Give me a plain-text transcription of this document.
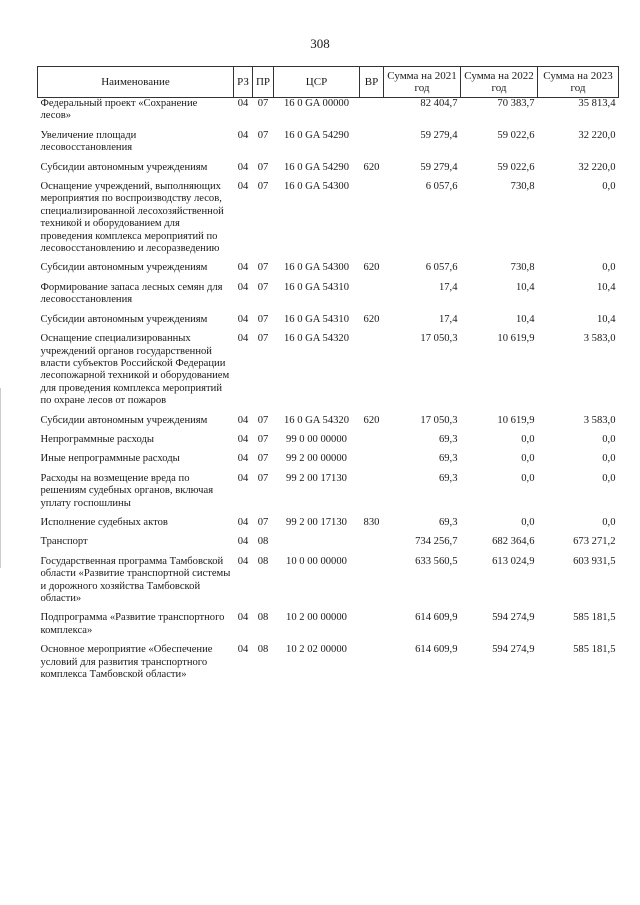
308
Наименование	РЗ	ПР	ЦСР	ВР	Сумма на 2021 год	Сумма на 2022 год	Сумма на 2023 год
Федеральный проект «Сохранение лесов»	04	07	16 0 GA 00000		82 404,7	70 383,7	35 813,4
Увеличение площади лесовосстановления	04	07	16 0 GA 54290		59 279,4	59 022,6	32 220,0
Субсидии автономным учреждениям	04	07	16 0 GA 54290	620	59 279,4	59 022,6	32 220,0
Оснащение учреждений, выполняющих мероприятия по воспроизводству лесов, специализированной лесохозяйственной техникой и оборудованием для проведения комплекса мероприятий по лесовосстановлению и лесоразведению	04	07	16 0 GA 54300		6 057,6	730,8	0,0
Субсидии автономным учреждениям	04	07	16 0 GA 54300	620	6 057,6	730,8	0,0
Формирование запаса лесных семян для лесовосстановления	04	07	16 0 GA 54310		17,4	10,4	10,4
Субсидии автономным учреждениям	04	07	16 0 GA 54310	620	17,4	10,4	10,4
Оснащение специализированных учреждений органов государственной власти субъектов Российской Федерации лесопожарной техникой и оборудованием для проведения комплекса мероприятий по охране лесов от пожаров	04	07	16 0 GA 54320		17 050,3	10 619,9	3 583,0
Субсидии автономным учреждениям	04	07	16 0 GA 54320	620	17 050,3	10 619,9	3 583,0
Непрограммные расходы	04	07	99 0 00 00000		69,3	0,0	0,0
Иные непрограммные расходы	04	07	99 2 00 00000		69,3	0,0	0,0
Расходы на возмещение вреда по решениям судебных органов, включая уплату госпошлины	04	07	99 2 00 17130		69,3	0,0	0,0
Исполнение судебных актов	04	07	99 2 00 17130	830	69,3	0,0	0,0
Транспорт	04	08			734 256,7	682 364,6	673 271,2
Государственная программа Тамбовской области «Развитие транспортной системы и дорожного хозяйства Тамбовской области»	04	08	10 0 00 00000		633 560,5	613 024,9	603 931,5
Подпрограмма «Развитие транспортного комплекса»	04	08	10 2 00 00000		614 609,9	594 274,9	585 181,5
Основное мероприятие «Обеспечение условий для развития транспортного комплекса Тамбовской области»	04	08	10 2 02 00000		614 609,9	594 274,9	585 181,5
